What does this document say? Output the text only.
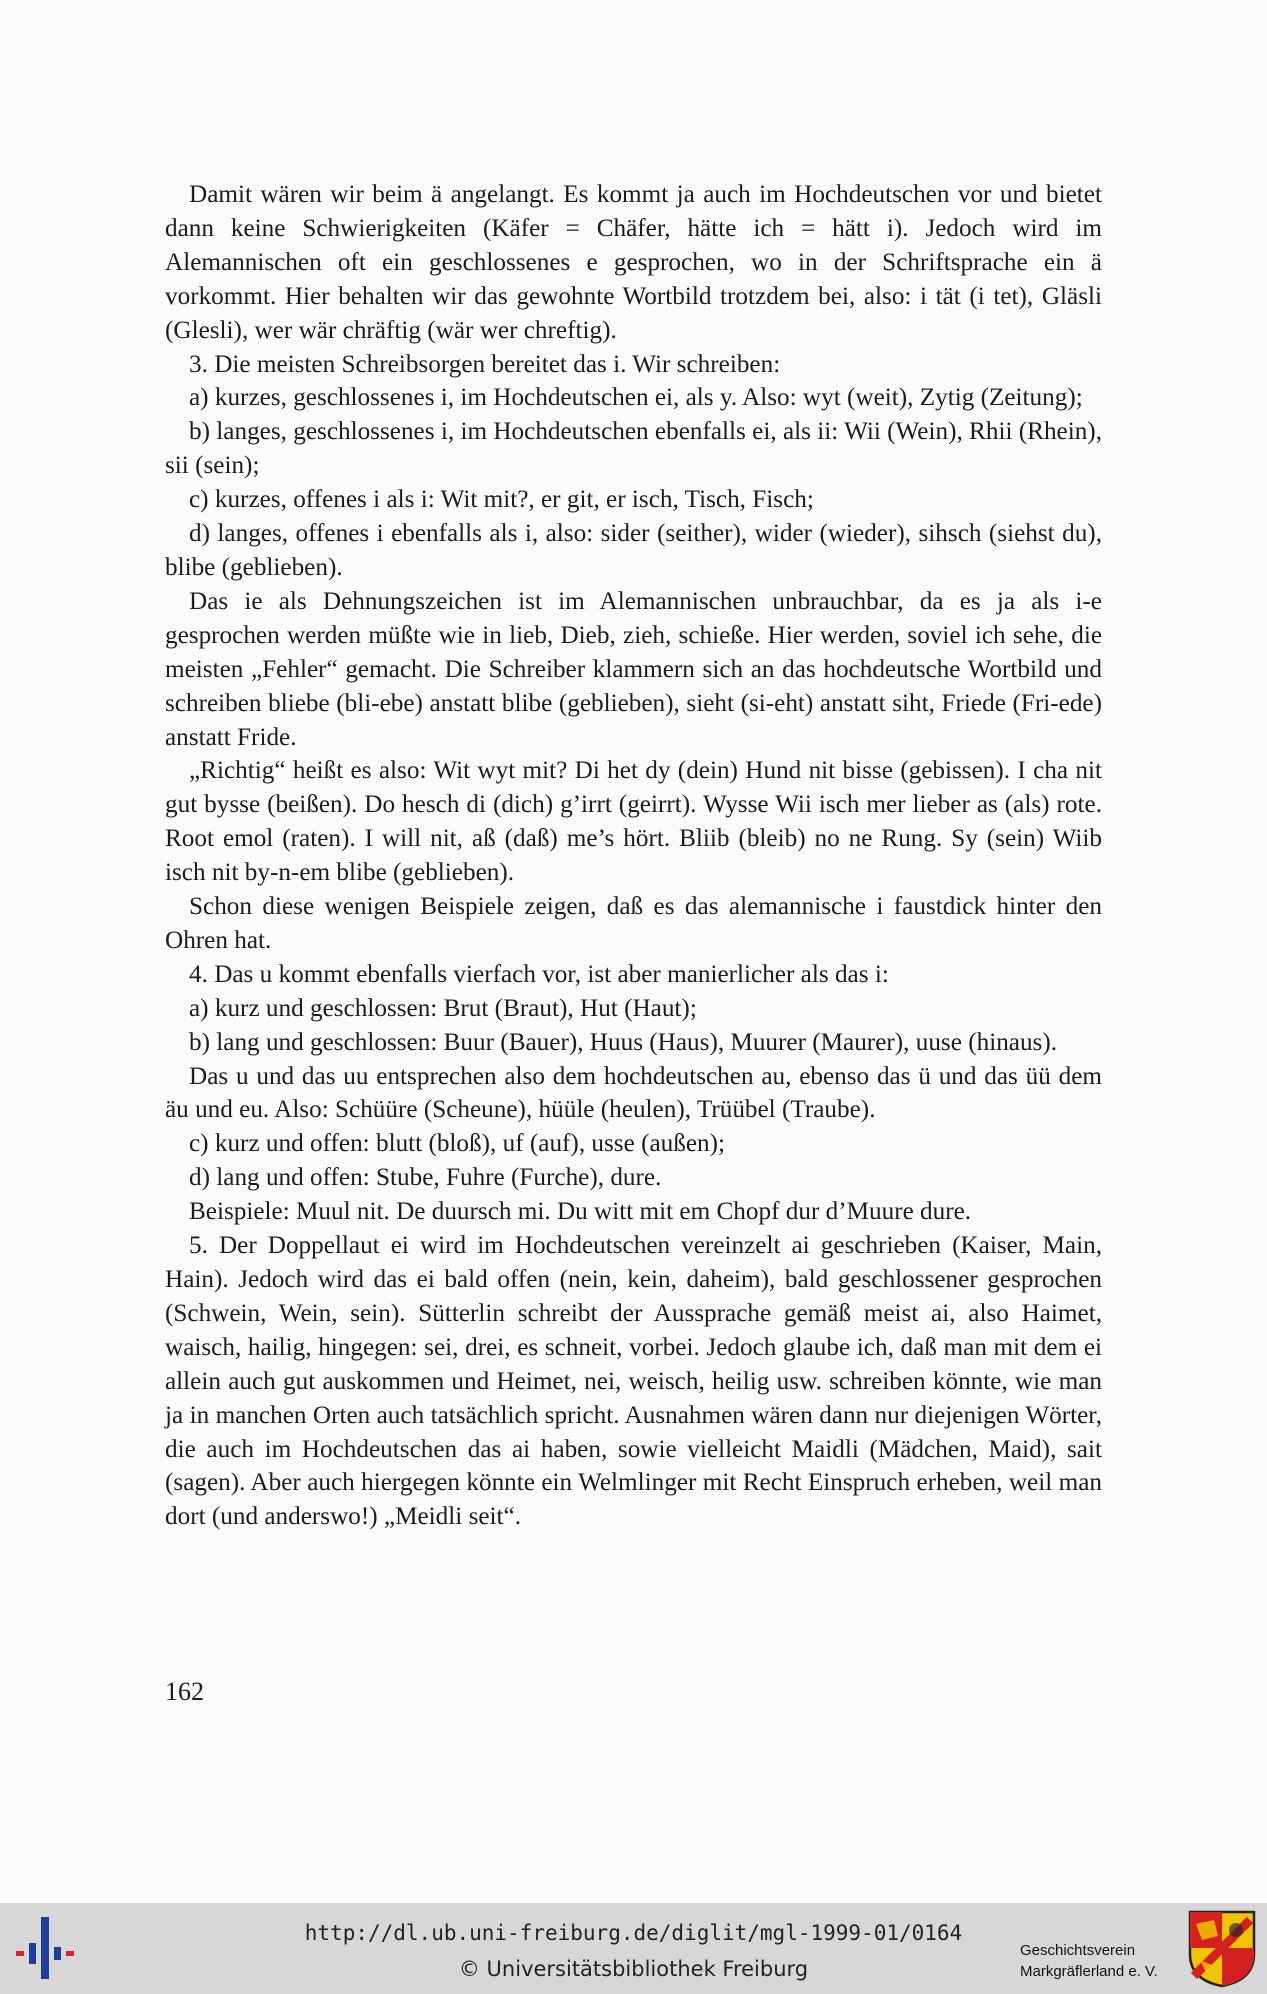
Damit wären wir beim ä angelangt. Es kommt ja auch im Hochdeutschen vor und bietet dann keine Schwierigkeiten (Käfer = Chäfer, hätte ich = hätt i). Jedoch wird im Alemannischen oft ein geschlossenes e gesprochen, wo in der Schriftsprache ein ä vorkommt. Hier behalten wir das gewohnte Wortbild trotzdem bei, also: i tät (i tet), Gläsli (Glesli), wer wär chräftig (wär wer chreftig).

3. Die meisten Schreibsorgen bereitet das i. Wir schreiben:

a) kurzes, geschlossenes i, im Hochdeutschen ei, als y. Also: wyt (weit), Zytig (Zeitung);

b) langes, geschlossenes i, im Hochdeutschen ebenfalls ei, als ii: Wii (Wein), Rhii (Rhein), sii (sein);

c) kurzes, offenes i als i: Wit mit?, er git, er isch, Tisch, Fisch;

d) langes, offenes i ebenfalls als i, also: sider (seither), wider (wieder), sihsch (siehst du), blibe (geblieben).

Das ie als Dehnungszeichen ist im Alemannischen unbrauchbar, da es ja als i-e gesprochen werden müßte wie in lieb, Dieb, zieh, schieße. Hier werden, soviel ich sehe, die meisten „Fehler“ gemacht. Die Schreiber klammern sich an das hochdeutsche Wortbild und schreiben bliebe (bli-ebe) anstatt blibe (geblieben), sieht (si-eht) anstatt siht, Friede (Fri-ede) anstatt Fride.

„Richtig“ heißt es also: Wit wyt mit? Di het dy (dein) Hund nit bisse (gebissen). I cha nit gut bysse (beißen). Do hesch di (dich) g’irrt (geirrt). Wysse Wii isch mer lieber as (als) rote. Root emol (raten). I will nit, aß (daß) me’s hört. Bliib (bleib) no ne Rung. Sy (sein) Wiib isch nit by-n-em blibe (geblieben).

Schon diese wenigen Beispiele zeigen, daß es das alemannische i faustdick hinter den Ohren hat.

4. Das u kommt ebenfalls vierfach vor, ist aber manierlicher als das i:

a) kurz und geschlossen: Brut (Braut), Hut (Haut);

b) lang und geschlossen: Buur (Bauer), Huus (Haus), Muurer (Maurer), uuse (hinaus).

Das u und das uu entsprechen also dem hochdeutschen au, ebenso das ü und das üü dem äu und eu. Also: Schüüre (Scheune), hüüle (heulen), Trüübel (Traube).

c) kurz und offen: blutt (bloß), uf (auf), usse (außen);

d) lang und offen: Stube, Fuhre (Furche), dure.

Beispiele: Muul nit. De duursch mi. Du witt mit em Chopf dur d’Muure dure.

5. Der Doppellaut ei wird im Hochdeutschen vereinzelt ai geschrieben (Kaiser, Main, Hain). Jedoch wird das ei bald offen (nein, kein, daheim), bald geschlossener gesprochen (Schwein, Wein, sein). Sütterlin schreibt der Aussprache gemäß meist ai, also Haimet, waisch, hailig, hingegen: sei, drei, es schneit, vorbei. Jedoch glaube ich, daß man mit dem ei allein auch gut auskommen und Heimet, nei, weisch, heilig usw. schreiben könnte, wie man ja in manchen Orten auch tatsächlich spricht. Ausnahmen wären dann nur diejenigen Wörter, die auch im Hochdeutschen das ai haben, sowie vielleicht Maidli (Mädchen, Maid), sait (sagen). Aber auch hiergegen könnte ein Welmlinger mit Recht Einspruch erheben, weil man dort (und anderswo!) „Meidli seit“.

162
http://dl.ub.uni-freiburg.de/diglit/mgl-1999-01/0164
© Universitätsbibliothek Freiburg
Geschichtsverein
Markgräflerland e. V.
